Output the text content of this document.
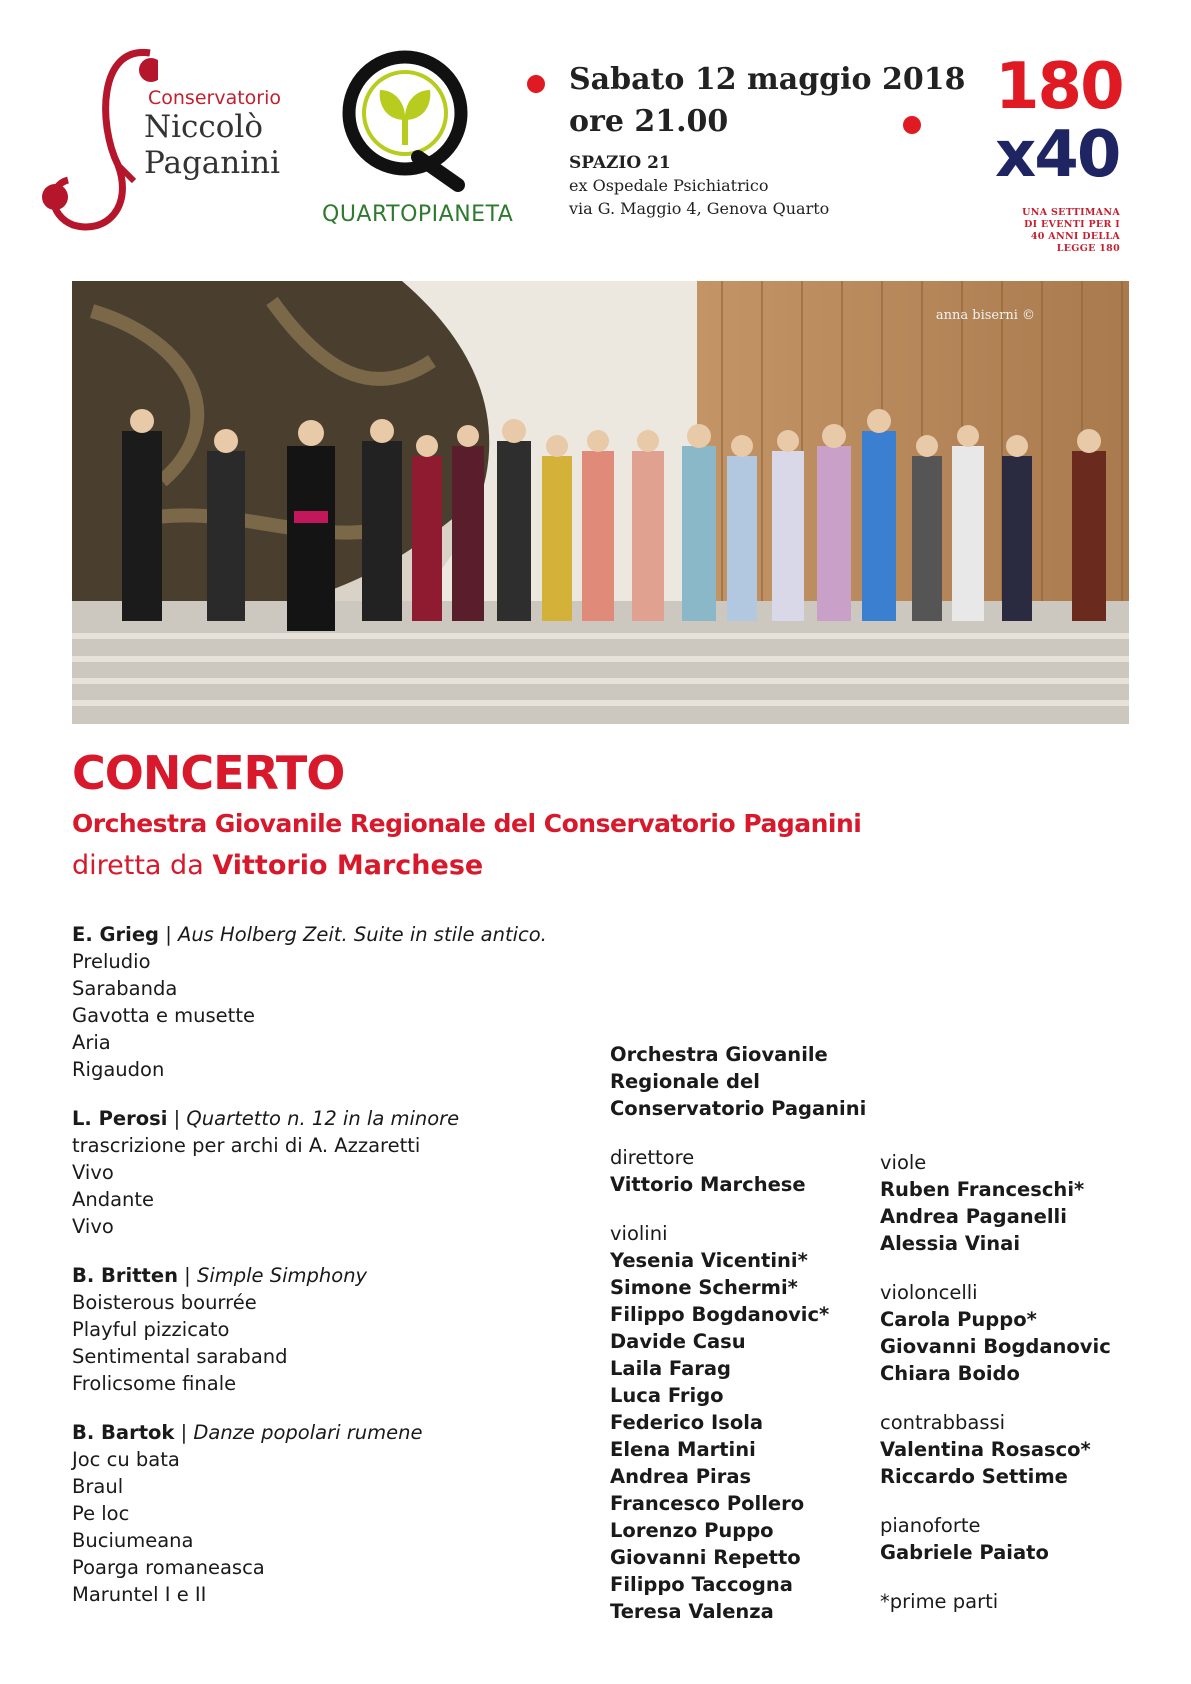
Conservatorio
Niccolò
Paganini
QUARTOPIANETA
Sabato 12 maggio 2018
ore 21.00
SPAZIO 21
ex Ospedale Psichiatrico
via G. Maggio 4, Genova Quarto
180
x40
UNA SETTIMANA
DI EVENTI PER I
40 ANNI DELLA
LEGGE 180
anna biserni ©
CONCERTO
Orchestra Giovanile Regionale del Conservatorio Paganini
diretta da Vittorio Marchese
E. Grieg | Aus Holberg Zeit. Suite in stile antico.
Preludio
Sarabanda
Gavotta e musette
Aria
Rigaudon
L. Perosi | Quartetto n. 12 in la minore
trascrizione per archi di A. Azzaretti
Vivo
Andante
Vivo
B. Britten | Simple Simphony
Boisterous bourrée
Playful pizzicato
Sentimental saraband
Frolicsome finale
B. Bartok | Danze popolari rumene
Joc cu bata
Braul
Pe loc
Buciumeana
Poarga romaneasca
Maruntel I e II
Orchestra Giovanile
Regionale del
Conservatorio Paganini
direttore
Vittorio Marchese
violini
Yesenia Vicentini*
Simone Schermi*
Filippo Bogdanovic*
Davide Casu
Laila Farag
Luca Frigo
Federico Isola
Elena Martini
Andrea Piras
Francesco Pollero
Lorenzo Puppo
Giovanni Repetto
Filippo Taccogna
Teresa Valenza
viole
Ruben Franceschi*
Andrea Paganelli
Alessia Vinai
violoncelli
Carola Puppo*
Giovanni Bogdanovic
Chiara Boido
contrabbassi
Valentina Rosasco*
Riccardo Settime
pianoforte
Gabriele Paiato
*prime parti
